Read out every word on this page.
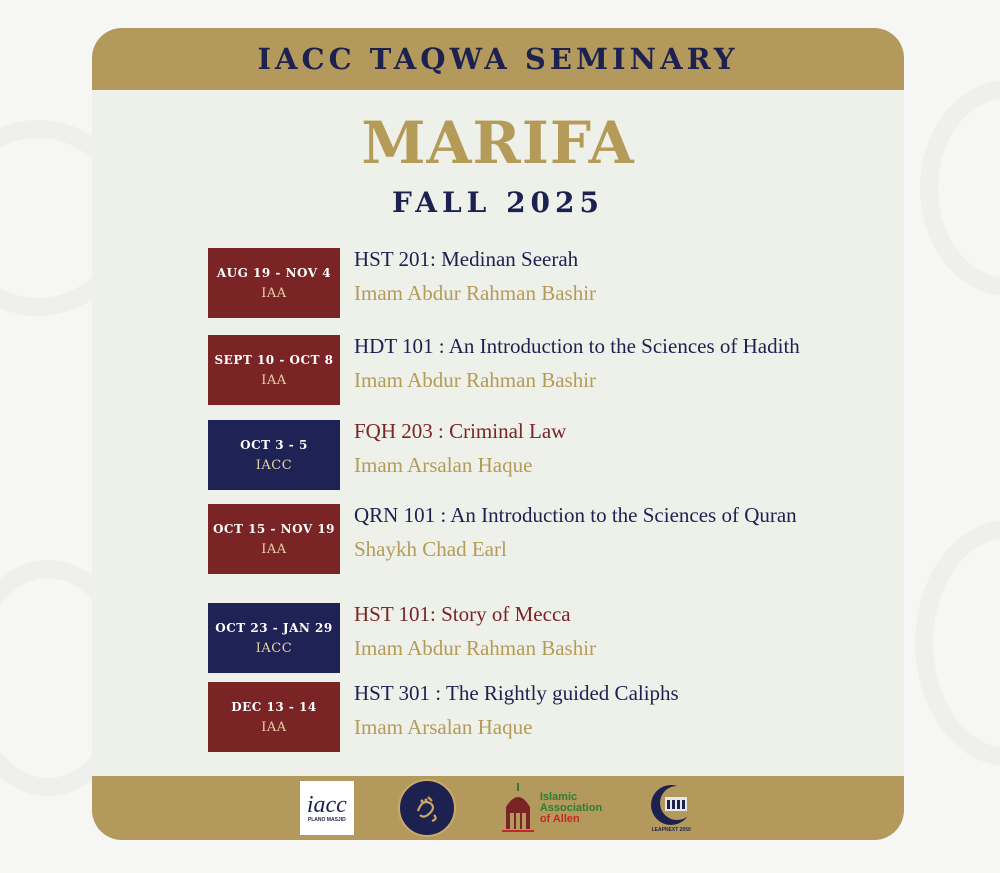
IACC TAQWA SEMINARY
MARIFA
FALL 2025
AUG 19 - NOV 4
IAA
HST 201: Medinan Seerah
Imam Abdur Rahman Bashir
SEPT 10 - OCT 8
IAA
HDT 101 : An Introduction to the Sciences of Hadith
Imam Abdur Rahman Bashir
OCT 3 - 5
IACC
FQH 203 : Criminal Law
Imam Arsalan Haque
OCT 15 - NOV 19
IAA
QRN 101 : An Introduction to the Sciences of Quran
Shaykh Chad Earl
OCT 23 - JAN 29
IACC
HST 101: Story of Mecca
Imam Abdur Rahman Bashir
DEC 13 - 14
IAA
HST 301 : The Rightly guided Caliphs
Imam Arsalan Haque
iacc
PLANO MASJID
Islamic
Association
of Allen
LEAPNEXT 2050
